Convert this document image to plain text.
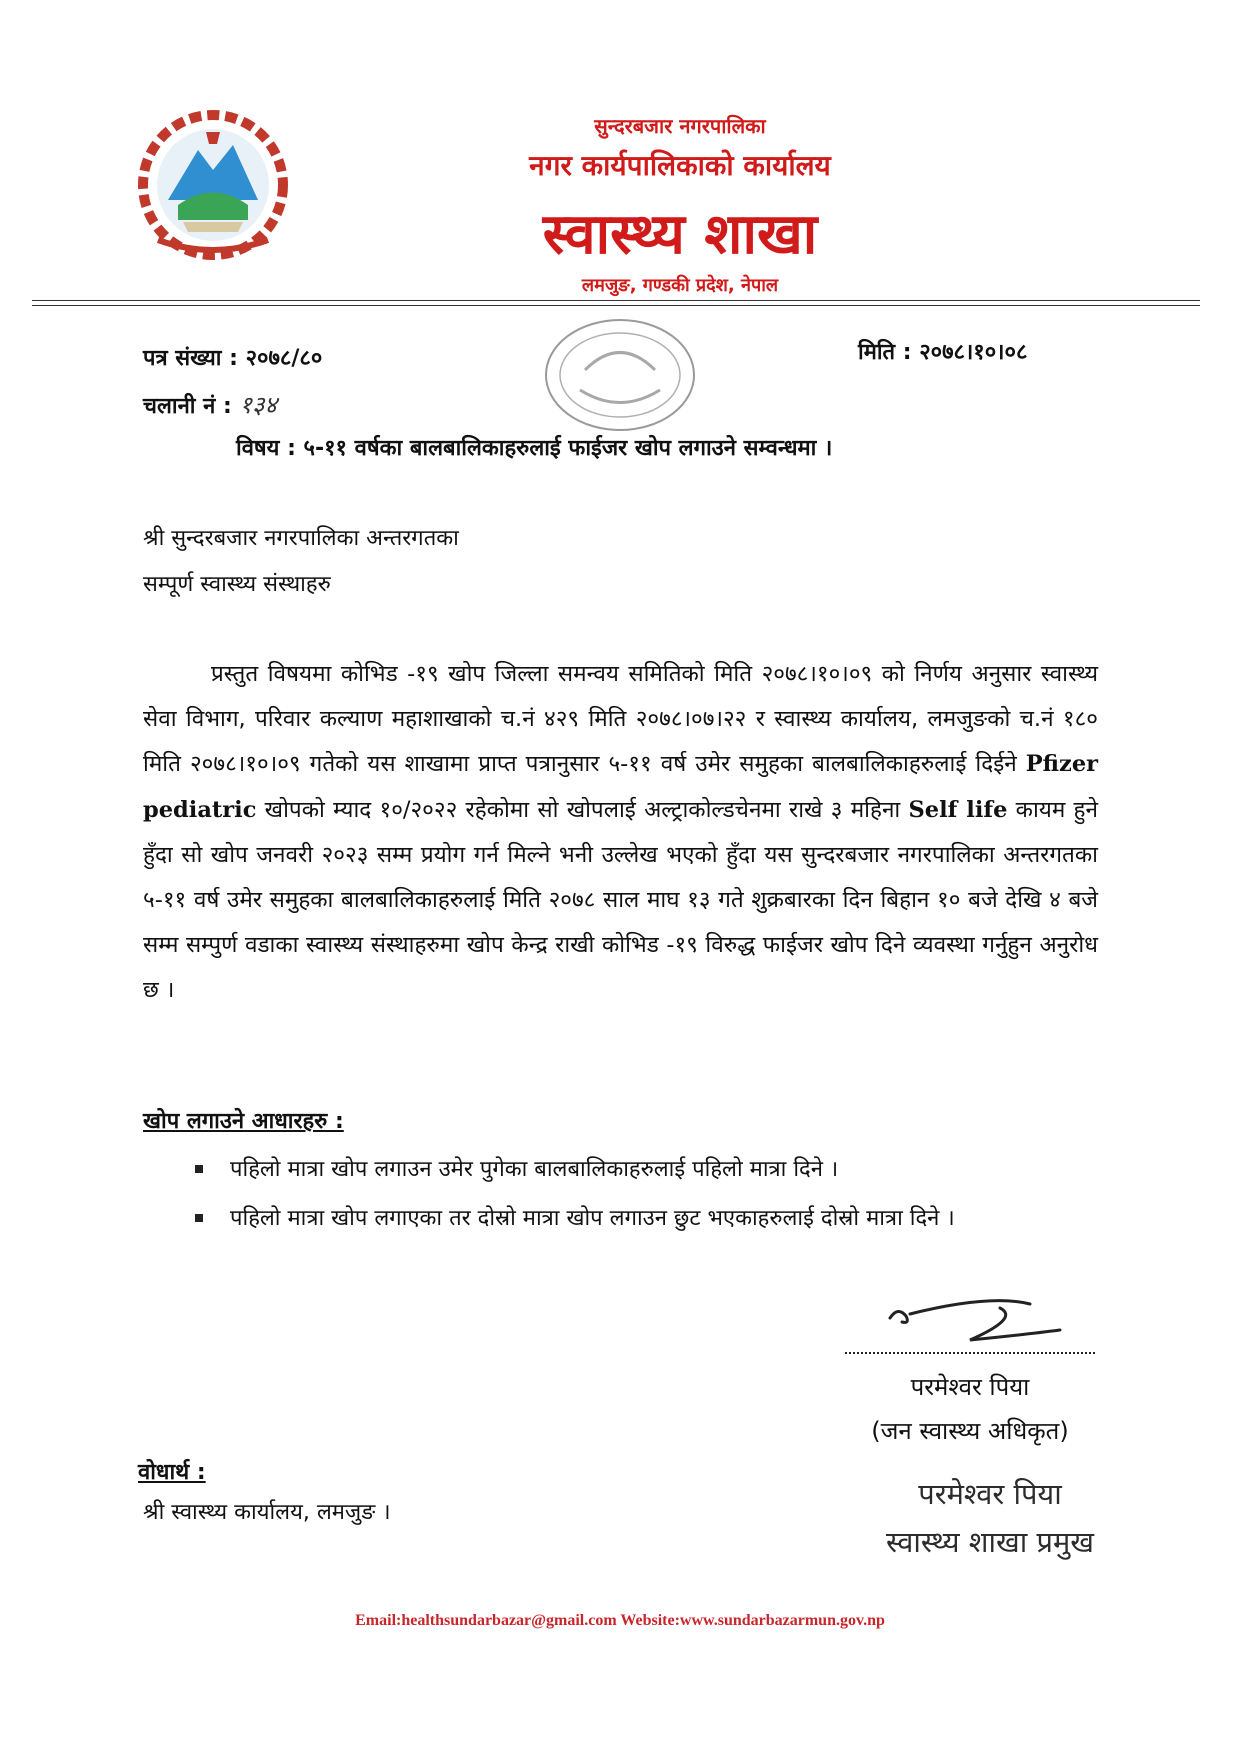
सुन्दरबजार नगरपालिका
नगर कार्यपालिकाको कार्यालय
स्वास्थ्य शाखा
लमजुङ, गण्डकी प्रदेश, नेपाल
पत्र संख्या : २०७८/८०	मिति : २०७८।१०।०८
चलानी नं : १३४
विषय : ५-११ वर्षका बालबालिकाहरुलाई फाईजर खोप लगाउने सम्वन्धमा ।
श्री सुन्दरबजार नगरपालिका अन्तरगतका
सम्पूर्ण स्वास्थ्य संस्थाहरु
प्रस्तुत विषयमा कोभिड -१९ खोप जिल्ला समन्वय समितिको मिति २०७८।१०।०९ को निर्णय अनुसार स्वास्थ्य सेवा विभाग, परिवार कल्याण महाशाखाको च.नं ४२९ मिति २०७८।०७।२२ र स्वास्थ्य कार्यालय, लमजुङको च.नं १८० मिति २०७८।१०।०९ गतेको यस शाखामा प्राप्त पत्रानुसार ५-११ वर्ष उमेर समुहका बालबालिकाहरुलाई दिईने Pfizer pediatric खोपको म्याद १०/२०२२ रहेकोमा सो खोपलाई अल्ट्राकोल्डचेनमा राखे ३ महिना Self life कायम हुने हुँदा सो खोप जनवरी २०२३ सम्म प्रयोग गर्न मिल्ने भनी उल्लेख भएको हुँदा यस सुन्दरबजार नगरपालिका अन्तरगतका ५-११ वर्ष उमेर समुहका बालबालिकाहरुलाई मिति २०७८ साल माघ १३ गते शुक्रबारका दिन बिहान १० बजे देखि ४ बजे सम्म सम्पुर्ण वडाका स्वास्थ्य संस्थाहरुमा खोप केन्द्र राखी कोभिड -१९ विरुद्ध फाईजर खोप दिने व्यवस्था गर्नुहुन अनुरोध छ ।
खोप लगाउने आधारहरु :
पहिलो मात्रा खोप लगाउन उमेर पुगेका बालबालिकाहरुलाई पहिलो मात्रा दिने ।
पहिलो मात्रा खोप लगाएका तर दोस्रो मात्रा खोप लगाउन छुट भएकाहरुलाई दोस्रो मात्रा दिने ।
परमेश्वर पिया
(जन स्वास्थ्य अधिकृत)
परमेश्वर पिया
स्वास्थ्य शाखा प्रमुख
वोधार्थ :
श्री स्वास्थ्य कार्यालय, लमजुङ ।
Email:healthsundarbazar@gmail.com Website:www.sundarbazarmun.gov.np
